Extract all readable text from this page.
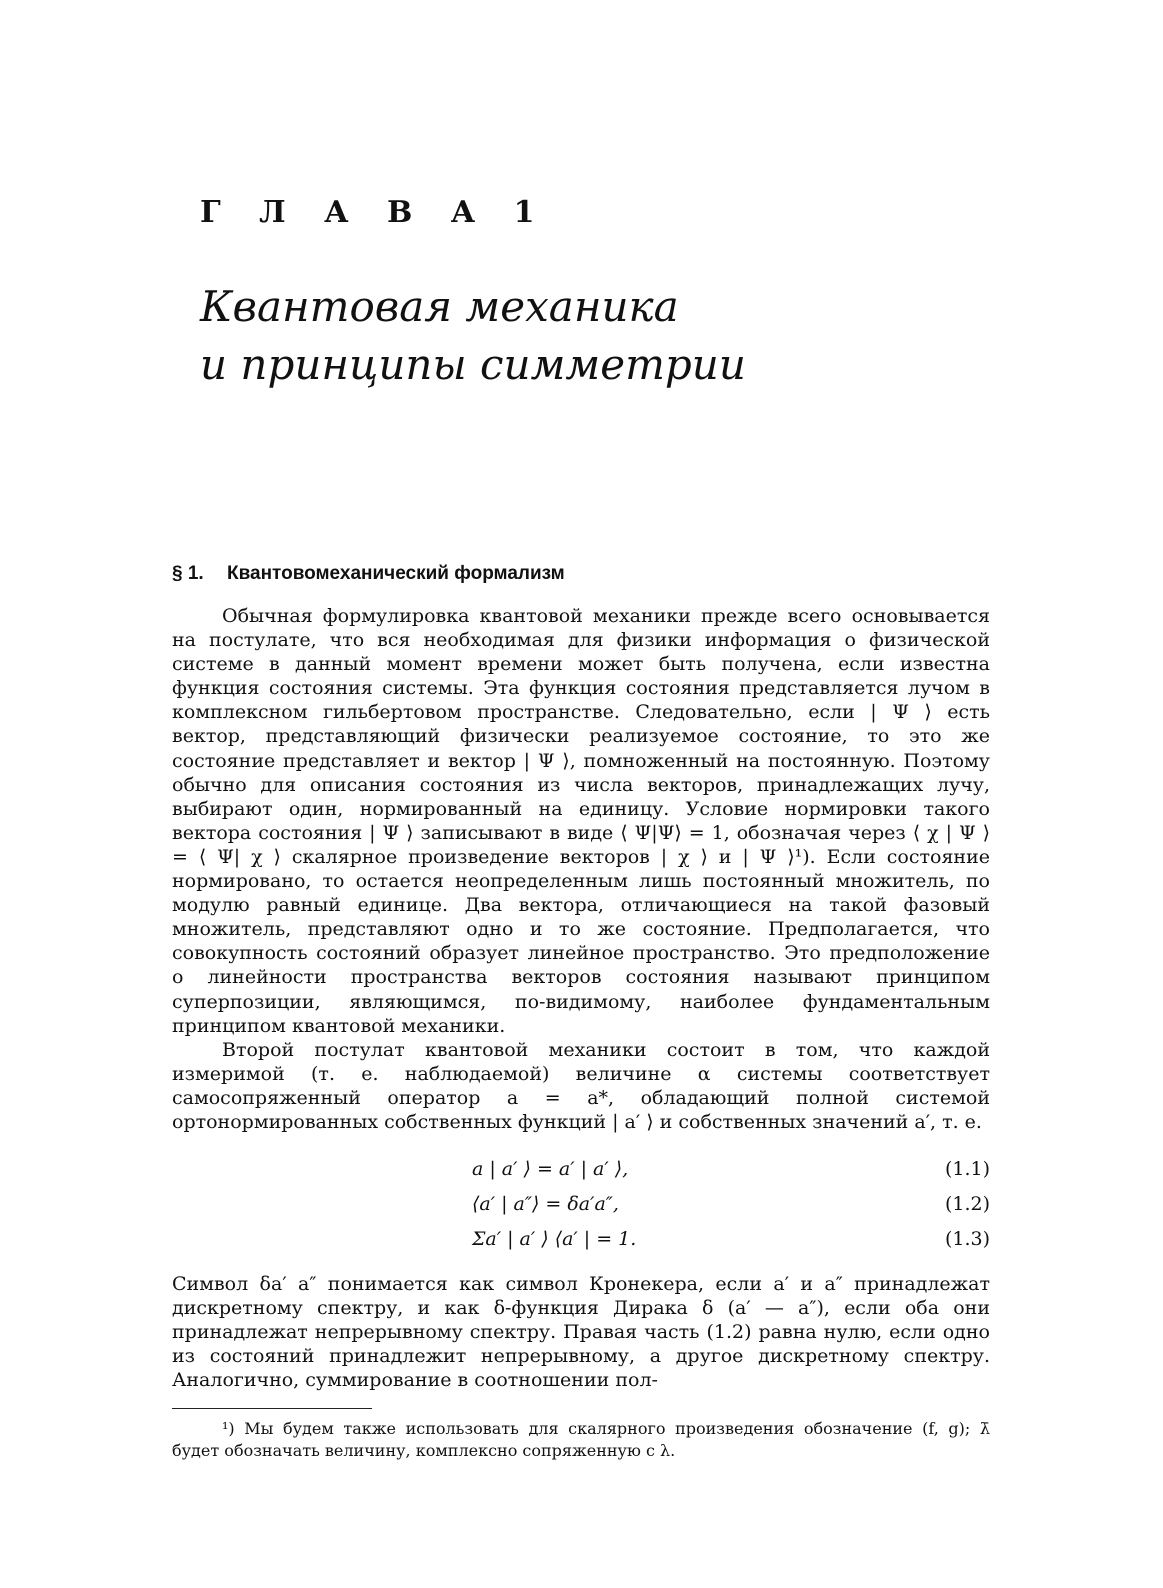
Г Л А В А 1
Квантовая механика
и принципы симметрии
§ 1. Квантовомеханический формализм

Обычная формулировка квантовой механики прежде всего основывается на постулате, что вся необходимая для физики информация о физической системе в данный момент времени может быть получена, если известна функция состояния системы. Эта функция состояния представляется лучом в комплексном гильбертовом пространстве. Следовательно, если | Ψ ⟩ есть вектор, представляющий физически реализуемое состояние, то это же состояние представляет и вектор | Ψ ⟩, помноженный на постоянную. Поэтому обычно для описания состояния из числа векторов, принадлежащих лучу, выбирают один, нормированный на единицу. Условие нормировки такого вектора состояния | Ψ ⟩ записывают в виде ⟨ Ψ|Ψ⟩ = 1, обозначая через ⟨ χ | Ψ ⟩ = ⟨ Ψ| χ ⟩ скалярное произведение векторов | χ ⟩ и | Ψ ⟩¹). Если состояние нормировано, то остается неопределенным лишь постоянный множитель, по модулю равный единице. Два вектора, отличающиеся на такой фазовый множитель, представляют одно и то же состояние. Предполагается, что совокупность состояний образует линейное пространство. Это предположение о линейности пространства векторов состояния называют принципом суперпозиции, являющимся, по-видимому, наиболее фундаментальным принципом квантовой механики.

Второй постулат квантовой механики состоит в том, что каждой измеримой (т. е. наблюдаемой) величине α системы соответствует самосопряженный оператор a = a*, обладающий полной системой ортонормированных собственных функций | a′ ⟩ и собственных значений a′, т. е.

a | a′ ⟩ = a′ | a′ ⟩,	(1.1)
⟨a′ | a″⟩ = δa′a″,	(1.2)
Σa′ | a′ ⟩ ⟨a′ | = 1.	(1.3)

Символ δa′ a″ понимается как символ Кронекера, если a′ и a″ принадлежат дискретному спектру, и как δ-функция Дирака δ (a′ — a″), если оба они принадлежат непрерывному спектру. Правая часть (1.2) равна нулю, если одно из состояний принадлежит непрерывному, а другое дискретному спектру. Аналогично, суммирование в соотношении пол-

¹) Мы будем также использовать для скалярного произведения обозначение (f, g); λ̄ будет обозначать величину, комплексно сопряженную с λ.
